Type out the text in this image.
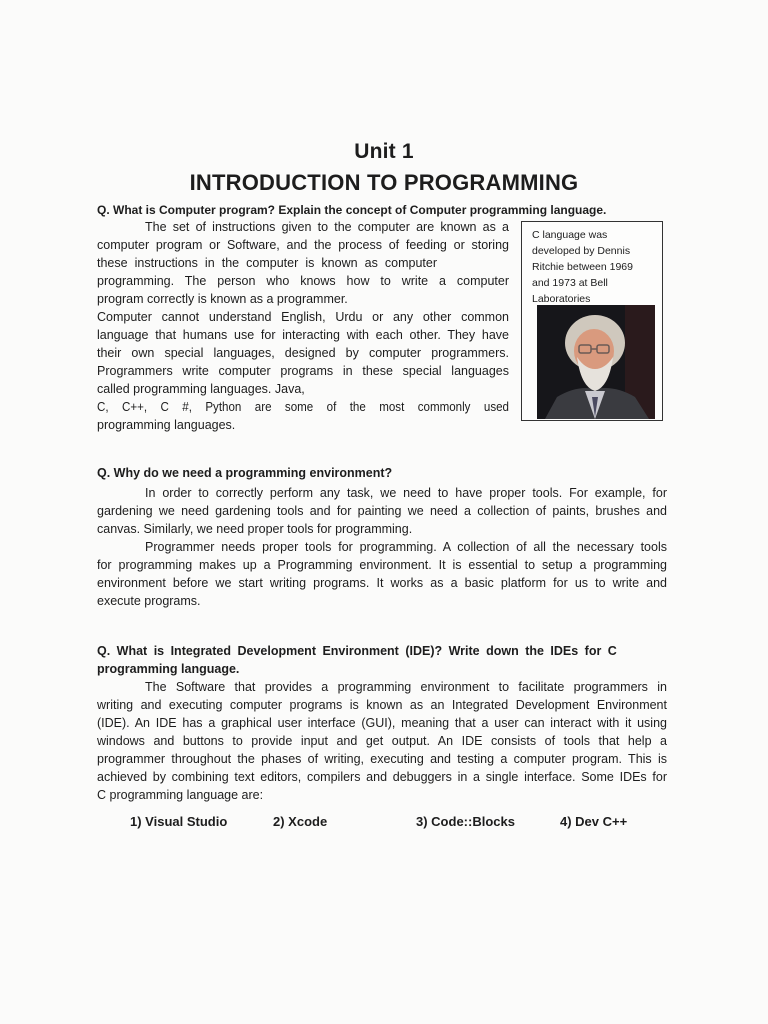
Unit 1
INTRODUCTION TO PROGRAMMING
Q. What is Computer program? Explain the concept of Computer programming language.
The set of instructions given to the computer are known as a
computer program or Software, and the process of feeding or storing
these instructions in the computer is known as computer
programming. The person who knows how to write a computer
program correctly is known as a programmer.
Computer cannot understand English, Urdu or any other common
language that humans use for interacting with each other. They have
their own special languages, designed by computer programmers.
Programmers write computer programs in these special languages
called programming languages. Java,
C, C++, C #, Python are some of the most commonly used
programming languages.
C language was
developed by Dennis
Ritchie between 1969
and 1973 at Bell
Laboratories
Q. Why do we need a programming environment?
In order to correctly perform any task, we need to have proper tools. For example, for
gardening we need gardening tools and for painting we need a collection of paints, brushes and
canvas. Similarly, we need proper tools for programming.
Programmer needs proper tools for programming. A collection of all the necessary tools
for programming makes up a Programming environment. It is essential to setup a programming
environment before we start writing programs. It works as a basic platform for us to write and
execute programs.
Q. What is Integrated Development Environment (IDE)? Write down the IDEs for C
programming language.
The Software that provides a programming environment to facilitate programmers in
writing and executing computer programs is known as an Integrated Development Environment
(IDE). An IDE has a graphical user interface (GUI), meaning that a user can interact with it using
windows and buttons to provide input and get output. An IDE consists of tools that help a
programmer throughout the phases of writing, executing and testing a computer program. This is
achieved by combining text editors, compilers and debuggers in a single interface. Some IDEs for
C programming language are:
1) Visual Studio	2) Xcode	3) Code::Blocks	4) Dev C++
